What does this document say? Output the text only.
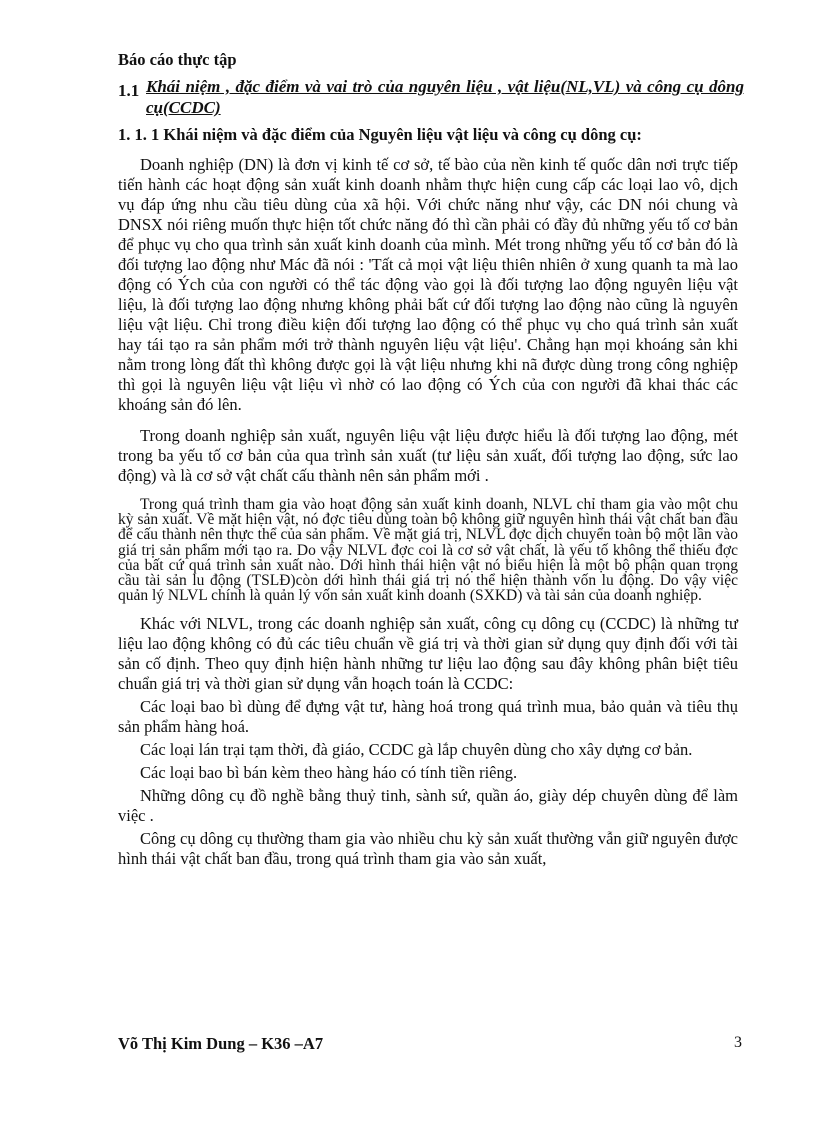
Báo cáo thực tập
1.1 Khái niệm , đặc điểm và vai trò của nguyên liệu , vật liệu(NL,VL) và công cụ dông cụ(CCDC)
1. 1. 1 Khái niệm và đặc điểm của Nguyên liệu vật liệu và công cụ dông cụ:

Doanh nghiệp (DN) là đơn vị kinh tế cơ sở, tế bào của nền kinh tế quốc dân nơi trực tiếp tiến hành các hoạt động sản xuất kinh doanh nhằm thực hiện cung cấp các loại lao vô, dịch vụ đáp ứng nhu cầu tiêu dùng của xã hội. Với chức năng như vậy, các DN nói chung và DNSX nói riêng muốn thực hiện tốt chức năng đó thì cần phải có đầy đủ những yếu tố cơ bản để phục vụ cho qua trình sản xuất kinh doanh của mình. Mét trong những yếu tố cơ bản đó là đối tượng lao động như Mác đã nói : 'Tất cả mọi vật liệu thiên nhiên ở xung quanh ta mà lao động có Ých của con người có thể tác động vào gọi là đối tượng lao động nguyên liệu vật liệu, là đối tượng lao động nhưng không phải bất cứ đối tượng lao động nào cũng là nguyên liệu vật liệu. Chỉ trong điều kiện đối tượng lao động có thể phục vụ cho quá trình sản xuất hay tái tạo ra sản phẩm mới trở thành nguyên liệu vật liệu'. Chẳng hạn mọi khoáng sản khi nằm trong lòng đất thì không được gọi là vật liệu nhưng khi nã được dùng trong công nghiệp thì gọi là nguyên liệu vật liệu vì nhờ có lao động có Ých của con người đã khai thác các khoáng sản đó lên.

Trong doanh nghiệp sản xuất, nguyên liệu vật liệu được hiểu là đối tượng lao động, mét trong ba yếu tố cơ bản của qua trình sản xuất (tư liệu sản xuất, đối tượng lao động, sức lao động) và là cơ sở vật chất cấu thành nên sản phẩm mới .

Trong quá trình tham gia vào hoạt động sản xuất kinh doanh, NLVL chỉ tham gia vào một chu kỳ sản xuất. Về mặt hiện vật, nó đợc tiêu dùng toàn bộ không giữ nguyên hình thái vật chất ban đầu để cấu thành nên thực thể của sản phẩm. Về mặt giá trị, NLVL đợc dịch chuyển toàn bộ một lần vào giá trị sản phẩm mới tạo ra. Do vậy NLVL đợc coi là cơ sở vật chất, là yếu tố không thể thiếu đợc của bất cứ quá trình sản xuất nào. Dới hình thái hiện vật nó biểu hiện là một bộ phận quan trọng cầu tài sản lu động (TSLĐ)còn dới hình thái giá trị nó thể hiện thành vốn lu động. Do vậy việc quản lý NLVL chính là quản lý vốn sản xuất kinh doanh (SXKD) và tài sản của doanh nghiệp.

Khác với NLVL, trong các doanh nghiệp sản xuất, công cụ dông cụ (CCDC) là những tư liệu lao động không có đủ các tiêu chuẩn về giá trị và thời gian sử dụng quy định đối với tài sản cố định. Theo quy định hiện hành những tư liệu lao động sau đây không phân biệt tiêu chuẩn giá trị và thời gian sử dụng vẫn hoạch toán là CCDC:

Các loại bao bì dùng để đựng vật tư, hàng hoá trong quá trình mua, bảo quản và tiêu thụ sản phẩm hàng hoá.

Các loại lán trại tạm thời, đà giáo, CCDC gà lắp chuyên dùng cho xây dựng cơ bản.

Các loại bao bì bán kèm theo hàng háo có tính tiền riêng.

Những dông cụ đồ nghề bằng thuỷ tinh, sành sứ, quần áo, giày dép chuyên dùng để làm việc .

Công cụ dông cụ thường tham gia vào nhiều chu kỳ sản xuất thường vẫn giữ nguyên được hình thái vật chất ban đầu, trong quá trình tham gia vào sản xuất,

Võ Thị Kim Dung – K36 –A7	3
